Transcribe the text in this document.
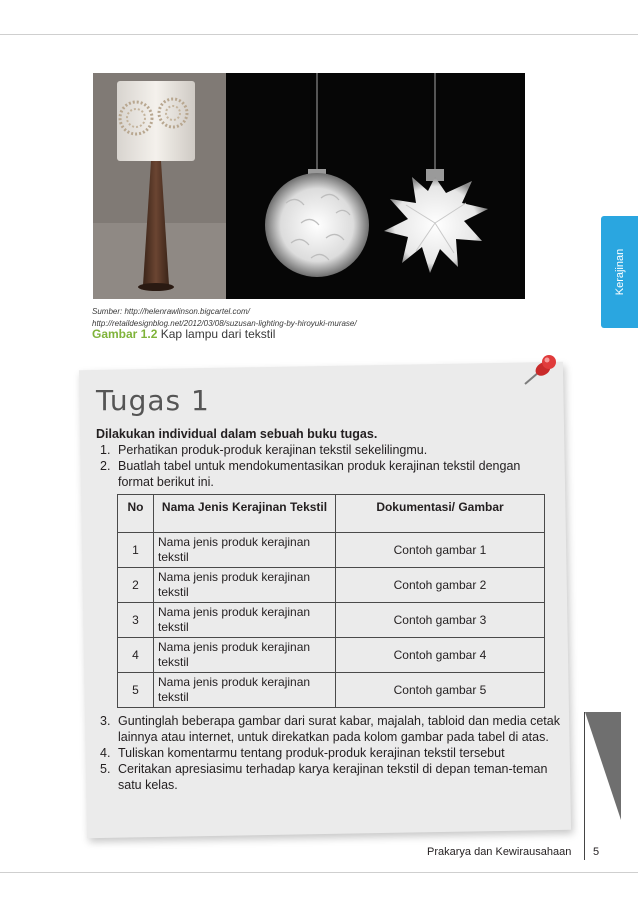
Kerajinan
Sumber: http://helenrawlinson.bigcartel.com/
http://retaildesignblog.net/2012/03/08/suzusan-lighting-by-hiroyuki-murase/
Gambar 1.2 Kap lampu dari tekstil
Tugas 1
Dilakukan individual dalam sebuah buku tugas.
1. Perhatikan produk-produk kerajinan tekstil sekelilingmu.
2. Buatlah tabel untuk mendokumentasikan produk kerajinan tekstil dengan format berikut ini.
No	Nama Jenis Kerajinan Tekstil	Dokumentasi/ Gambar
1	Nama jenis produk kerajinan tekstil	Contoh gambar 1
2	Nama jenis produk kerajinan tekstil	Contoh gambar 2
3	Nama jenis produk kerajinan tekstil	Contoh gambar 3
4	Nama jenis produk kerajinan tekstil	Contoh gambar 4
5	Nama jenis produk kerajinan tekstil	Contoh gambar 5
3. Guntinglah beberapa gambar dari surat kabar, majalah, tabloid dan media cetak lainnya atau internet, untuk direkatkan pada kolom gambar pada tabel di atas.
4. Tuliskan komentarmu tentang produk-produk kerajinan tekstil tersebut
5. Ceritakan apresiasimu terhadap karya kerajinan tekstil di depan teman-teman satu kelas.
Prakarya dan Kewirausahaan 5
